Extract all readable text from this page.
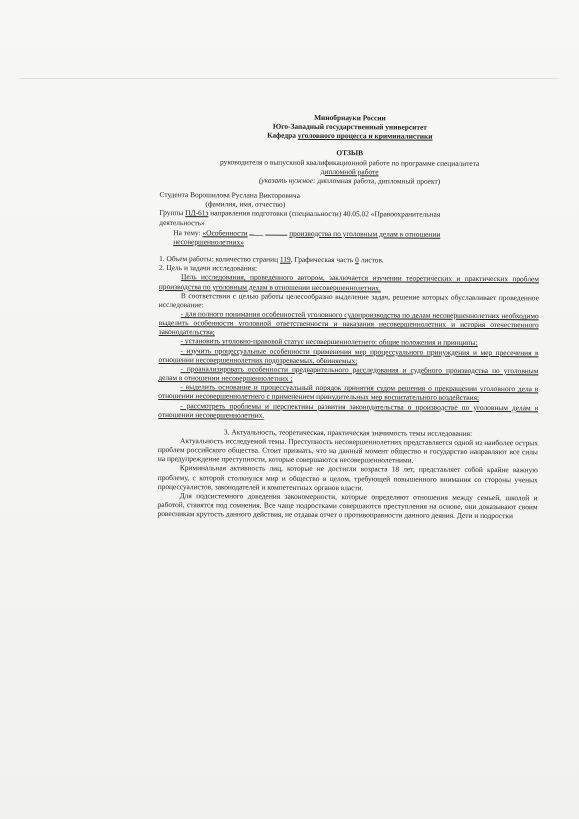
Минобрнауки России
Юго-Западный государственный университет
Кафедра уголовного процесса и криминалистики
ОТЗЫВ
руководителя о выпускной квалификационной работе по программе специалитета
дипломной работе
(указать нужное: дипломная работа, дипломный проект)
Студента Ворошилова Руслана Викторовича
(фамилия, имя, отчество)
Группы ПД-61з направления подготовки (специальности) 40.05.02 «Правоохранительная
деятельность»
На тему: «Особенности	производства по уголовным делам в отношении
несовершеннолетних»
1. Объем работы: количество страниц 119, Графическая часть 0 листов.
2. Цель и задачи исследования:

Цель исследования, проведенного автором, заключается изучении теоретических и практических проблем производства по уголовным делам в отношении несовершеннолетних.

В соответствии с целью работы целесообразно выделение задач, решение которых обуславливает проведенное исследование:

- для полного понимания особенностей уголовного судопроизводства по делам несовершеннолетних необходимо выделить особенности уголовной ответственности и наказания несовершеннолетних и история отечественного законодательства;

- установить уголовно-правовой статус несовершеннолетнего: общие положения и принципы;

- изучить процессуальные особенности применения мер процессуального принуждения и мер пресечения в отношении несовершеннолетних подозреваемых, обвиняемых;

- проанализировать особенности предварительного расследования и судебного производства по уголовным делам в отношении несовершеннолетних ;

- выделить основание и процессуальный порядок принятия судом решения о прекращении уголовного дела в отношении несовершеннолетнего с применением принудительных мер воспитательного воздействия;

- рассмотреть проблемы и перспективы развития законодательства о производстве по уголовным делам в отношении несовершеннолетних.

3. Актуальность, теоретическая, практическая значимость темы исследования:

Актуальность исследуемой темы. Преступность несовершеннолетних представляется одной из наиболее острых проблем российского общества. Стоит признать, что на данный момент общество и государство направляют все силы на предупреждение преступности, которые совершаются несовершеннолетними.

Криминальная активность лиц, которые не достигли возраста 18 лет, представляет собой крайне важную проблему, с которой столкнулся мир и общество в целом, требующей повышенного внимания со стороны ученых процессуалистов, законодателей и компетентных органов власти.

Для подсистемного доведения закономерности, которые определяют отношения между семьей, школой и работой, ставятся под сомнения. Все чаще подростками совершаются преступления на основе, они доказывают своим ровесникам крутость данного действия, не отдавая отчет о противоправности данного деяния. Дети и подростки
